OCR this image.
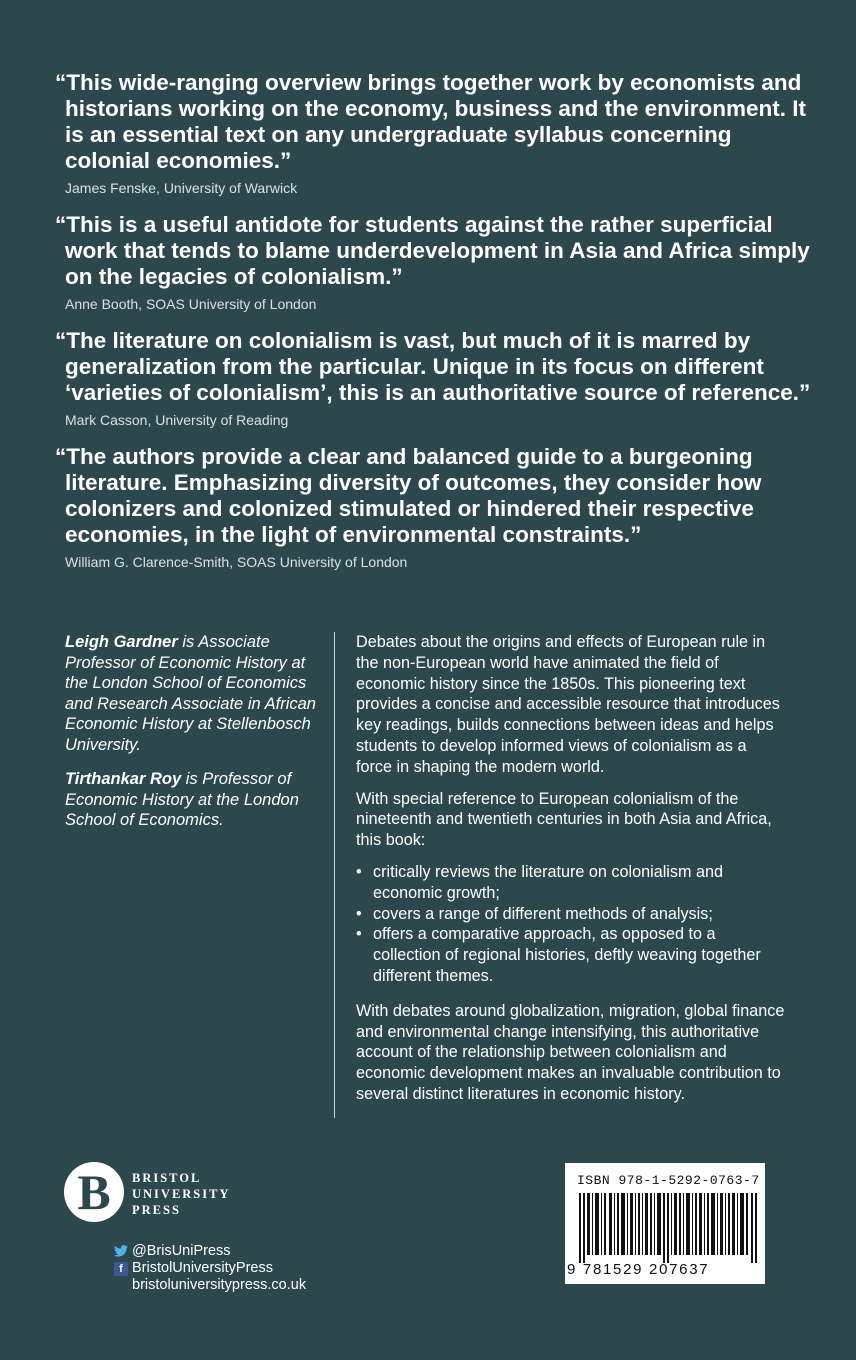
“This wide-ranging overview brings together work by economists and historians working on the economy, business and the environment. It is an essential text on any undergraduate syllabus concerning colonial economies.”

James Fenske, University of Warwick

“This is a useful antidote for students against the rather superficial work that tends to blame underdevelopment in Asia and Africa simply on the legacies of colonialism.”

Anne Booth, SOAS University of London

“The literature on colonialism is vast, but much of it is marred by generalization from the particular. Unique in its focus on different ‘varieties of colonialism’, this is an authoritative source of reference.”

Mark Casson, University of Reading

“The authors provide a clear and balanced guide to a burgeoning literature. Emphasizing diversity of outcomes, they consider how colonizers and colonized stimulated or hindered their respective economies, in the light of environmental constraints.”

William G. Clarence-Smith, SOAS University of London

Leigh Gardner is Associate Professor of Economic History at the London School of Economics and Research Associate in African Economic History at Stellenbosch University.

Tirthankar Roy is Professor of Economic History at the London School of Economics.

Debates about the origins and effects of European rule in the non-European world have animated the field of economic history since the 1850s. This pioneering text provides a concise and accessible resource that introduces key readings, builds connections between ideas and helps students to develop informed views of colonialism as a force in shaping the modern world.

With special reference to European colonialism of the nineteenth and twentieth centuries in both Asia and Africa, this book:

• critically reviews the literature on colonialism and economic growth;
• covers a range of different methods of analysis;
• offers a comparative approach, as opposed to a collection of regional histories, deftly weaving together different themes.

With debates around globalization, migration, global finance and environmental change intensifying, this authoritative account of the relationship between colonialism and economic development makes an invaluable contribution to several distinct literatures in economic history.

B	BRISTOL
UNIVERSITY
PRESS
@BrisUniPress
f BristolUniversityPress
bristoluniversitypress.co.uk
ISBN 978-1-5292-0763-7
9 781529 207637
